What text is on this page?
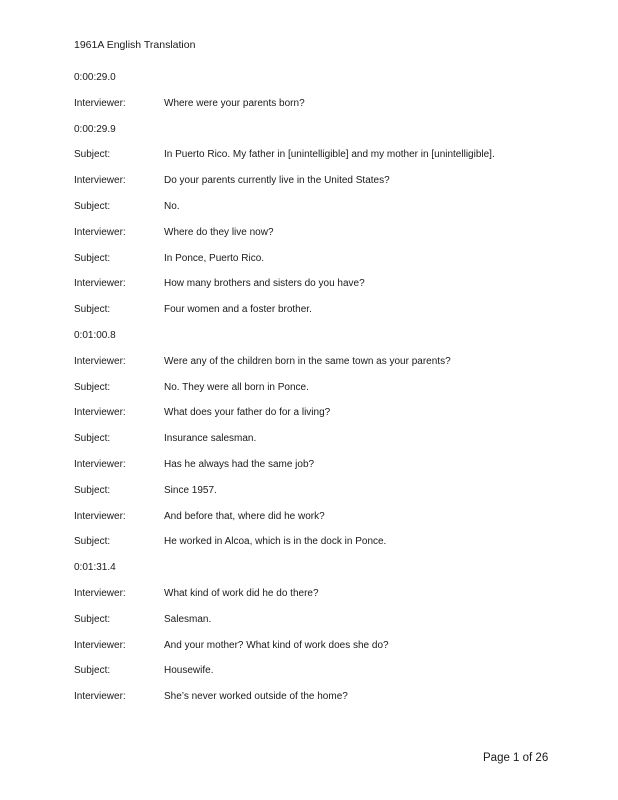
1961A English Translation
0:00:29.0
Interviewer:	Where were your parents born?
0:00:29.9
Subject:	In Puerto Rico. My father in [unintelligible] and my mother in [unintelligible].
Interviewer:	Do your parents currently live in the United States?
Subject:	No.
Interviewer:	Where do they live now?
Subject:	In Ponce, Puerto Rico.
Interviewer:	How many brothers and sisters do you have?
Subject:	Four women and a foster brother.
0:01:00.8
Interviewer:	Were any of the children born in the same town as your parents?
Subject:	No. They were all born in Ponce.
Interviewer:	What does your father do for a living?
Subject:	Insurance salesman.
Interviewer:	Has he always had the same job?
Subject:	Since 1957.
Interviewer:	And before that, where did he work?
Subject:	He worked in Alcoa, which is in the dock in Ponce.
0:01:31.4
Interviewer:	What kind of work did he do there?
Subject:	Salesman.
Interviewer:	And your mother? What kind of work does she do?
Subject:	Housewife.
Interviewer:	She’s never worked outside of the home?
Page 1 of 26
